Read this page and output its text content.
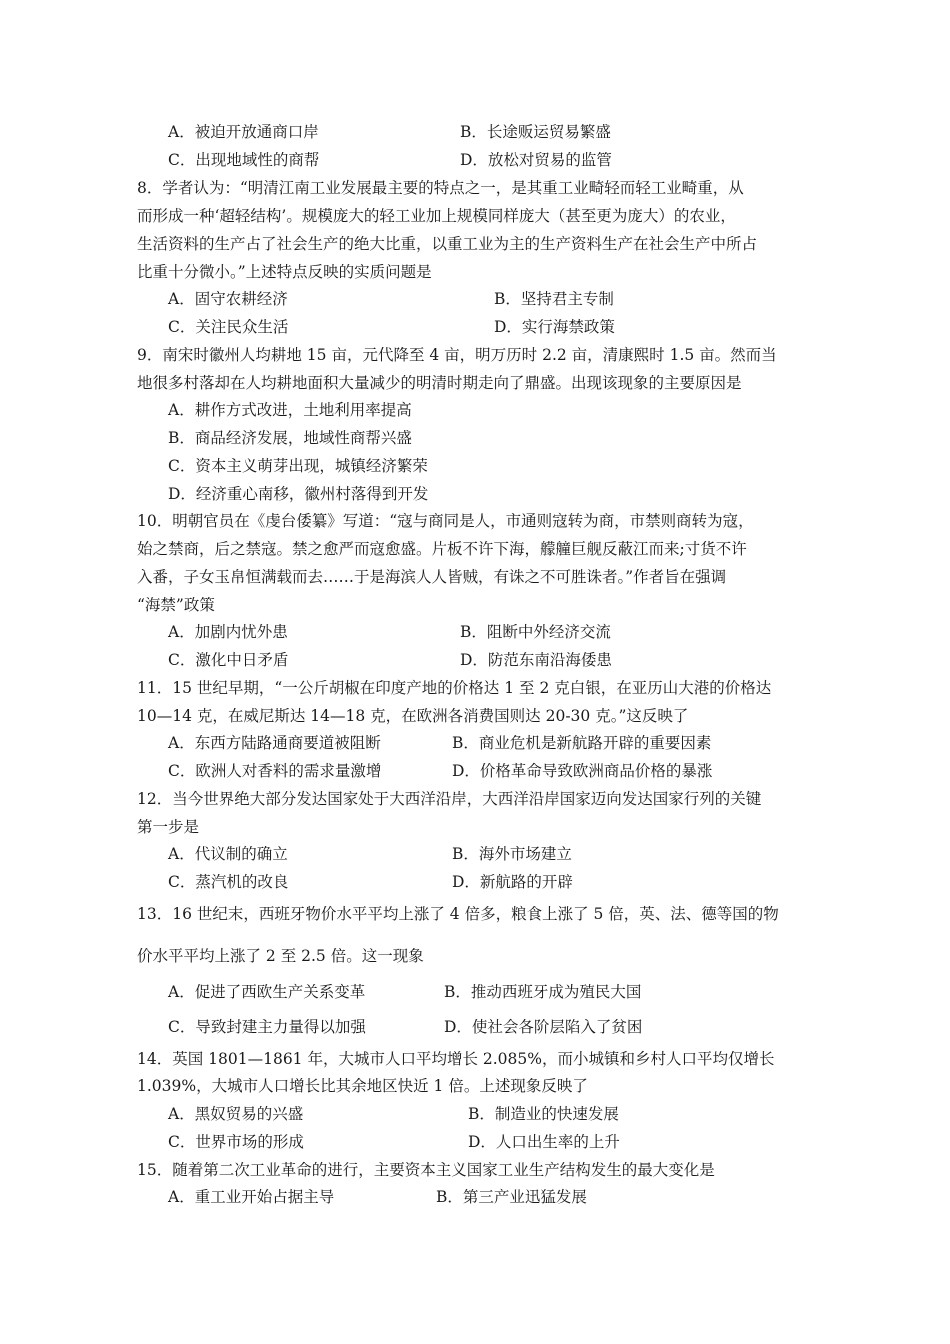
A．被迫开放通商口岸	B．长途贩运贸易繁盛
C．出现地域性的商帮	D．放松对贸易的监管
8．学者认为：“明清江南工业发展最主要的特点之一，是其重工业畸轻而轻工业畸重，从
而形成一种‘超轻结构’。规模庞大的轻工业加上规模同样庞大（甚至更为庞大）的农业，
生活资料的生产占了社会生产的绝大比重，以重工业为主的生产资料生产在社会生产中所占
比重十分微小。”上述特点反映的实质问题是
A．固守农耕经济	B．坚持君主专制
C．关注民众生活	D．实行海禁政策
9．南宋时徽州人均耕地 15 亩，元代降至 4 亩，明万历时 2.2 亩，清康熙时 1.5 亩。然而当
地很多村落却在人均耕地面积大量减少的明清时期走向了鼎盛。出现该现象的主要原因是
A．耕作方式改进，土地利用率提高
B．商品经济发展，地域性商帮兴盛
C．资本主义萌芽出现，城镇经济繁荣
D．经济重心南移，徽州村落得到开发
10．明朝官员在《虔台倭纂》写道：“寇与商同是人，市通则寇转为商，市禁则商转为寇，
始之禁商，后之禁寇。禁之愈严而寇愈盛。片板不许下海，艨艟巨舰反蔽江而来;寸货不许
入番，子女玉帛恒满载而去……于是海滨人人皆贼，有诛之不可胜诛者。”作者旨在强调
“海禁”政策
A．加剧内忧外患	B．阻断中外经济交流
C．激化中日矛盾	D．防范东南沿海倭患
11．15 世纪早期，“一公斤胡椒在印度产地的价格达 1 至 2 克白银，在亚历山大港的价格达
10—14 克，在威尼斯达 14—18 克，在欧洲各消费国则达 20-30 克。”这反映了
A．东西方陆路通商要道被阻断	B．商业危机是新航路开辟的重要因素
C．欧洲人对香料的需求量激增	D．价格革命导致欧洲商品价格的暴涨
12．当今世界绝大部分发达国家处于大西洋沿岸，大西洋沿岸国家迈向发达国家行列的关键
第一步是
A．代议制的确立	B．海外市场建立
C．蒸汽机的改良	D．新航路的开辟
13．16 世纪末，西班牙物价水平平均上涨了 4 倍多，粮食上涨了 5 倍，英、法、德等国的物
价水平平均上涨了 2 至 2.5 倍。这一现象
A．促进了西欧生产关系变革	B．推动西班牙成为殖民大国
C．导致封建主力量得以加强	D．使社会各阶层陷入了贫困
14．英国 1801—1861 年，大城市人口平均增长 2.085%，而小城镇和乡村人口平均仅增长
1.039%，大城市人口增长比其余地区快近 1 倍。上述现象反映了
A．黑奴贸易的兴盛	B．制造业的快速发展
C．世界市场的形成	D．人口出生率的上升
15．随着第二次工业革命的进行，主要资本主义国家工业生产结构发生的最大变化是
A．重工业开始占据主导	B．第三产业迅猛发展
